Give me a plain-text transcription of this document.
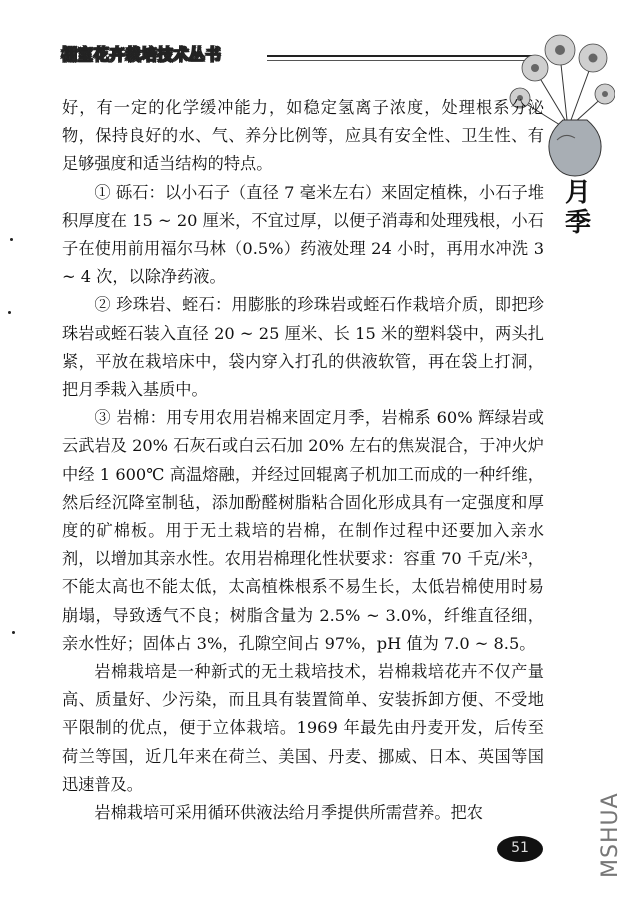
棚室花卉栽培技术丛书
月
季

好，有一定的化学缓冲能力，如稳定氢离子浓度，处理根系分泌物，保持良好的水、气、养分比例等，应具有安全性、卫生性、有足够强度和适当结构的特点。

① 砾石：以小石子（直径 7 毫米左右）来固定植株，小石子堆积厚度在 15 ~ 20 厘米，不宜过厚，以便子消毒和处理残根，小石子在使用前用福尔马林（0.5%）药液处理 24 小时，再用水冲洗 3 ~ 4 次，以除净药液。

② 珍珠岩、蛭石：用膨胀的珍珠岩或蛭石作栽培介质，即把珍珠岩或蛭石装入直径 20 ~ 25 厘米、长 15 米的塑料袋中，两头扎紧，平放在栽培床中，袋内穿入打孔的供液软管，再在袋上打洞，把月季栽入基质中。

③ 岩棉：用专用农用岩棉来固定月季，岩棉系 60% 辉绿岩或云武岩及 20% 石灰石或白云石加 20% 左右的焦炭混合，于冲火炉中经 1 600℃ 高温熔融，并经过回辊离子机加工而成的一种纤维，然后经沉降室制毡，添加酚醛树脂粘合固化形成具有一定强度和厚度的矿棉板。用于无土栽培的岩棉，在制作过程中还要加入亲水剂，以增加其亲水性。农用岩棉理化性状要求：容重 70 千克/米³，不能太高也不能太低，太高植株根系不易生长，太低岩棉使用时易崩塌，导致透气不良；树脂含量为 2.5% ~ 3.0%，纤维直径细，亲水性好；固体占 3%，孔隙空间占 97%，pH 值为 7.0 ~ 8.5。

岩棉栽培是一种新式的无土栽培技术，岩棉栽培花卉不仅产量高、质量好、少污染，而且具有装置简单、安装拆卸方便、不受地平限制的优点，便于立体栽培。1969 年最先由丹麦开发，后传至荷兰等国，近几年来在荷兰、美国、丹麦、挪威、日本、英国等国迅速普及。

岩棉栽培可采用循环供液法给月季提供所需营养。把农

51	MSHUA
